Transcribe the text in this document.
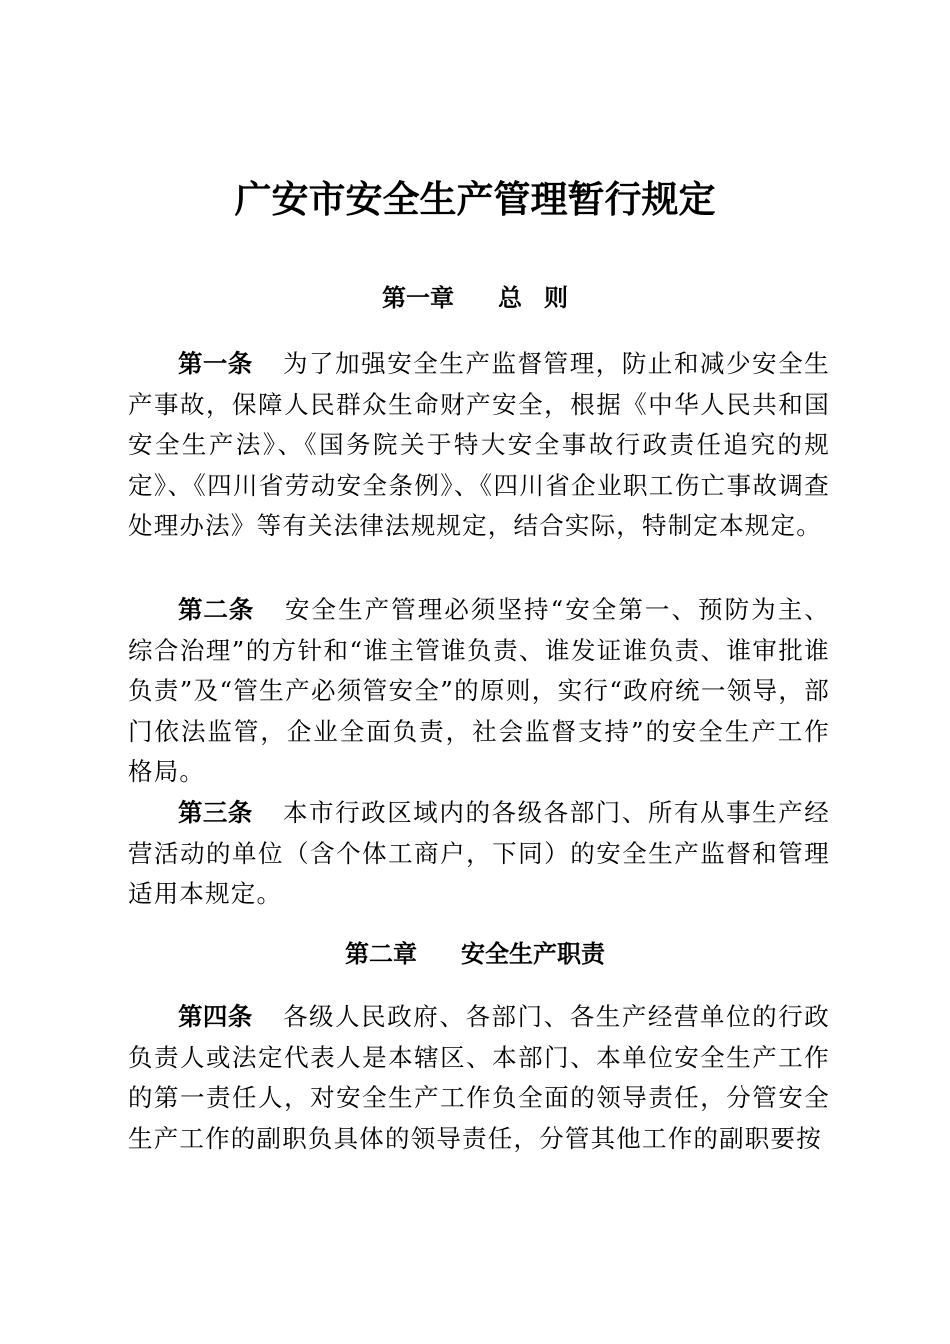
广安市安全生产管理暂行规定
第一章 总则

第一条 为了加强安全生产监督管理，防止和减少安全生产事故，保障人民群众生命财产安全，根据《中华人民共和国安全生产法》、《国务院关于特大安全事故行政责任追究的规定》、《四川省劳动安全条例》、《四川省企业职工伤亡事故调查处理办法》等有关法律法规规定，结合实际，特制定本规定。

第二条 安全生产管理必须坚持“安全第一、预防为主、综合治理”的方针和“谁主管谁负责、谁发证谁负责、谁审批谁负责”及“管生产必须管安全”的原则，实行“政府统一领导，部门依法监管，企业全面负责，社会监督支持”的安全生产工作格局。

第三条 本市行政区域内的各级各部门、所有从事生产经营活动的单位（含个体工商户，下同）的安全生产监督和管理适用本规定。

第二章 安全生产职责

第四条 各级人民政府、各部门、各生产经营单位的行政负责人或法定代表人是本辖区、本部门、本单位安全生产工作的第一责任人，对安全生产工作负全面的领导责任，分管安全生产工作的副职负具体的领导责任，分管其他工作的副职要按
